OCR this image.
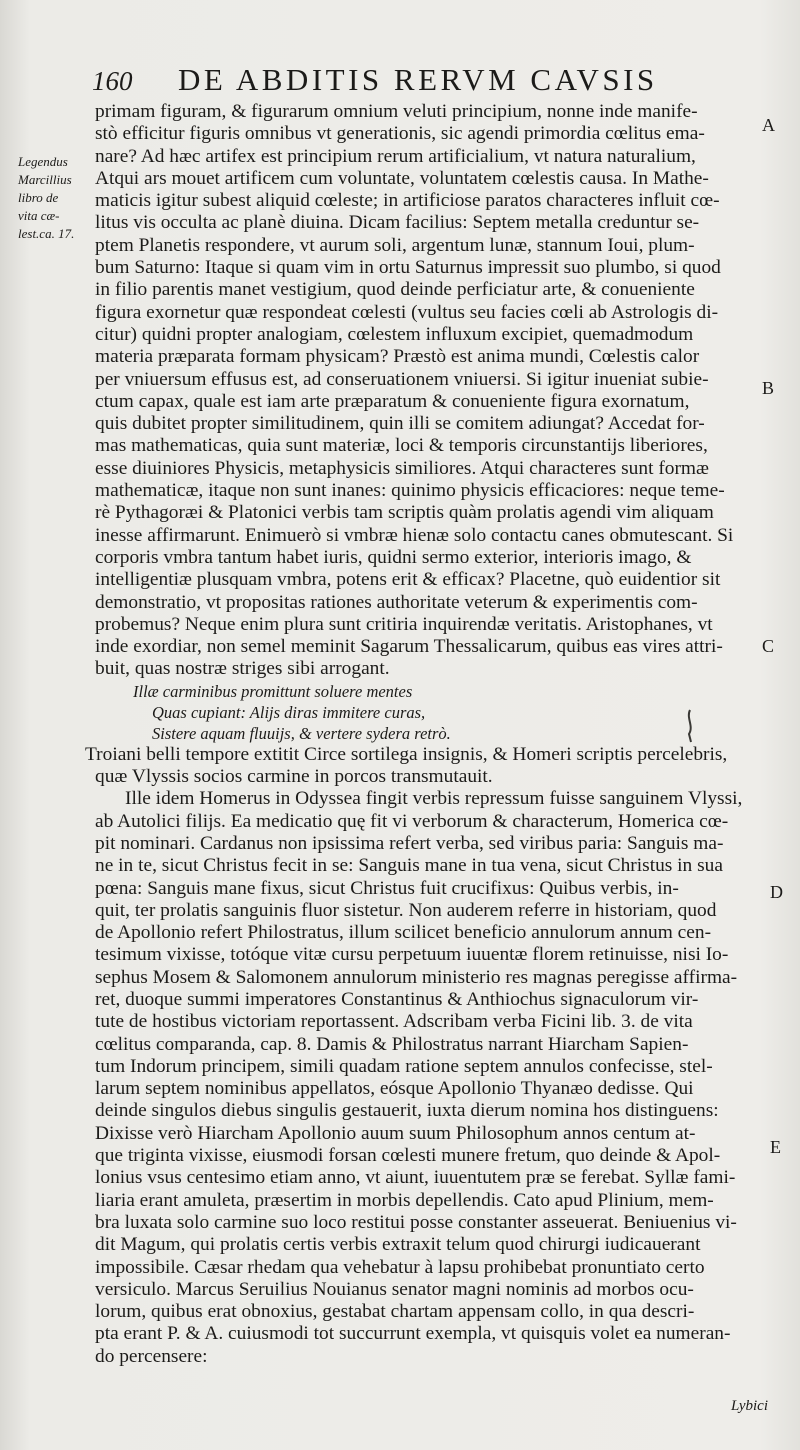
160 DE ABDITIS RERVM CAVSIS
Legendus
Marcillius
libro de
vita cæ-
lest.ca. 17.
A
B
C
D
E
primam figuram, & figurarum omnium veluti principium, nonne inde manife-
stò efficitur figuris omnibus vt generationis, sic agendi primordia cœlitus ema-
nare? Ad hæc artifex est principium rerum artificialium, vt natura naturalium,
Atqui ars mouet artificem cum voluntate, voluntatem cœlestis causa. In Mathe-
maticis igitur subest aliquid cœleste; in artificiose paratos characteres influit cœ-
litus vis occulta ac planè diuina. Dicam facilius: Septem metalla creduntur se-
ptem Planetis respondere, vt aurum soli, argentum lunæ, stannum Ioui, plum-
bum Saturno: Itaque si quam vim in ortu Saturnus impressit suo plumbo, si quod
in filio parentis manet vestigium, quod deinde perficiatur arte, & conueniente
figura exornetur quæ respondeat cœlesti (vultus seu facies cœli ab Astrologis di-
citur) quidni propter analogiam, cœlestem influxum excipiet, quemadmodum
materia præparata formam physicam? Præstò est anima mundi, Cœlestis calor
per vniuersum effusus est, ad conseruationem vniuersi. Si igitur inueniat subie-
ctum capax, quale est iam arte præparatum & conueniente figura exornatum,
quis dubitet propter similitudinem, quin illi se comitem adiungat? Accedat for-
mas mathematicas, quia sunt materiæ, loci & temporis circunstantijs liberiores,
esse diuiniores Physicis, metaphysicis similiores. Atqui characteres sunt formæ
mathematicæ, itaque non sunt inanes: quinimo physicis efficaciores: neque teme-
rè Pythagoræi & Platonici verbis tam scriptis quàm prolatis agendi vim aliquam
inesse affirmarunt. Enimuerò si vmbræ hienæ solo contactu canes obmutescant. Si
corporis vmbra tantum habet iuris, quidni sermo exterior, interioris imago, &
intelligentiæ plusquam vmbra, potens erit & efficax? Placetne, quò euidentior sit
demonstratio, vt propositas rationes authoritate veterum & experimentis com-
probemus? Neque enim plura sunt critiria inquirendæ veritatis. Aristophanes, vt
inde exordiar, non semel meminit Sagarum Thessalicarum, quibus eas vires attri-
buit, quas nostræ striges sibi arrogant.
Illæ carminibus promittunt soluere mentes
Quas cupiant: Alijs diras immitere curas,
Sistere aquam fluuijs, & vertere sydera retrò.
Troiani belli tempore extitit Circe sortilega insignis, & Homeri scriptis percelebris,
quæ Vlyssis socios carmine in porcos transmutauit.
Ille idem Homerus in Odyssea fingit verbis repressum fuisse sanguinem Vlyssi,
ab Autolici filijs. Ea medicatio quę fit vi verborum & characterum, Homerica cœ-
pit nominari. Cardanus non ipsissima refert verba, sed viribus paria: Sanguis ma-
ne in te, sicut Christus fecit in se: Sanguis mane in tua vena, sicut Christus in sua
pœna: Sanguis mane fixus, sicut Christus fuit crucifixus: Quibus verbis, in-
quit, ter prolatis sanguinis fluor sistetur. Non auderem referre in historiam, quod
de Apollonio refert Philostratus, illum scilicet beneficio annulorum annum cen-
tesimum vixisse, totóque vitæ cursu perpetuum iuuentæ florem retinuisse, nisi Io-
sephus Mosem & Salomonem annulorum ministerio res magnas peregisse affirma-
ret, duoque summi imperatores Constantinus & Anthiochus signaculorum vir-
tute de hostibus victoriam reportassent. Adscribam verba Ficini lib. 3. de vita
cœlitus comparanda, cap. 8. Damis & Philostratus narrant Hiarcham Sapien-
tum Indorum principem, simili quadam ratione septem annulos confecisse, stel-
larum septem nominibus appellatos, eósque Apollonio Thyanæo dedisse. Qui
deinde singulos diebus singulis gestauerit, iuxta dierum nomina hos distinguens:
Dixisse verò Hiarcham Apollonio auum suum Philosophum annos centum at-
que triginta vixisse, eiusmodi forsan cœlesti munere fretum, quo deinde & Apol-
lonius vsus centesimo etiam anno, vt aiunt, iuuentutem præ se ferebat. Syllæ fami-
liaria erant amuleta, præsertim in morbis depellendis. Cato apud Plinium, mem-
bra luxata solo carmine suo loco restitui posse constanter asseuerat. Beniuenius vi-
dit Magum, qui prolatis certis verbis extraxit telum quod chirurgi iudicauerant
impossibile. Cæsar rhedam qua vehebatur à lapsu prohibebat pronuntiato certo
versiculo. Marcus Seruilius Nouianus senator magni nominis ad morbos ocu-
lorum, quibus erat obnoxius, gestabat chartam appensam collo, in qua descri-
pta erant P. & A. cuiusmodi tot succurrunt exempla, vt quisquis volet ea numeran-
do percensere:
Lybici
